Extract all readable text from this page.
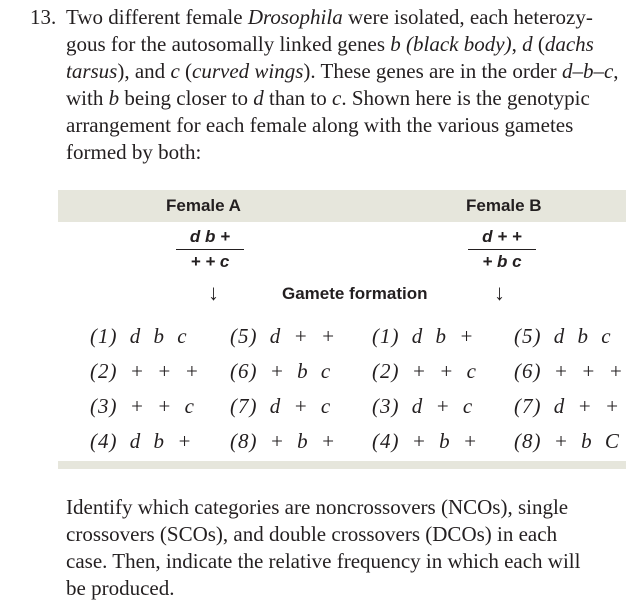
13. Two different female Drosophila were isolated, each heterozy-
gous for the autosomally linked genes b (black body), d (dachs
tarsus), and c (curved wings). These genes are in the order d–b–c,
with b being closer to d than to c. Shown here is the genotypic
arrangement for each female along with the various gametes
formed by both:
Female A	Female B
d b +
+ + c
d + +
+ b c
↓	↓
Gamete formation
(1) d b c
(2) + + +
(3) + + c
(4) d b +
(5) d + +
(6) + b c
(7) d + c
(8) + b +
(1) d b +
(2) + + c
(3) d + c
(4) + b +
(5) d b c
(6) + + +
(7) d + +
(8) + b C
Identify which categories are noncrossovers (NCOs), single
crossovers (SCOs), and double crossovers (DCOs) in each
case. Then, indicate the relative frequency in which each will
be produced.
